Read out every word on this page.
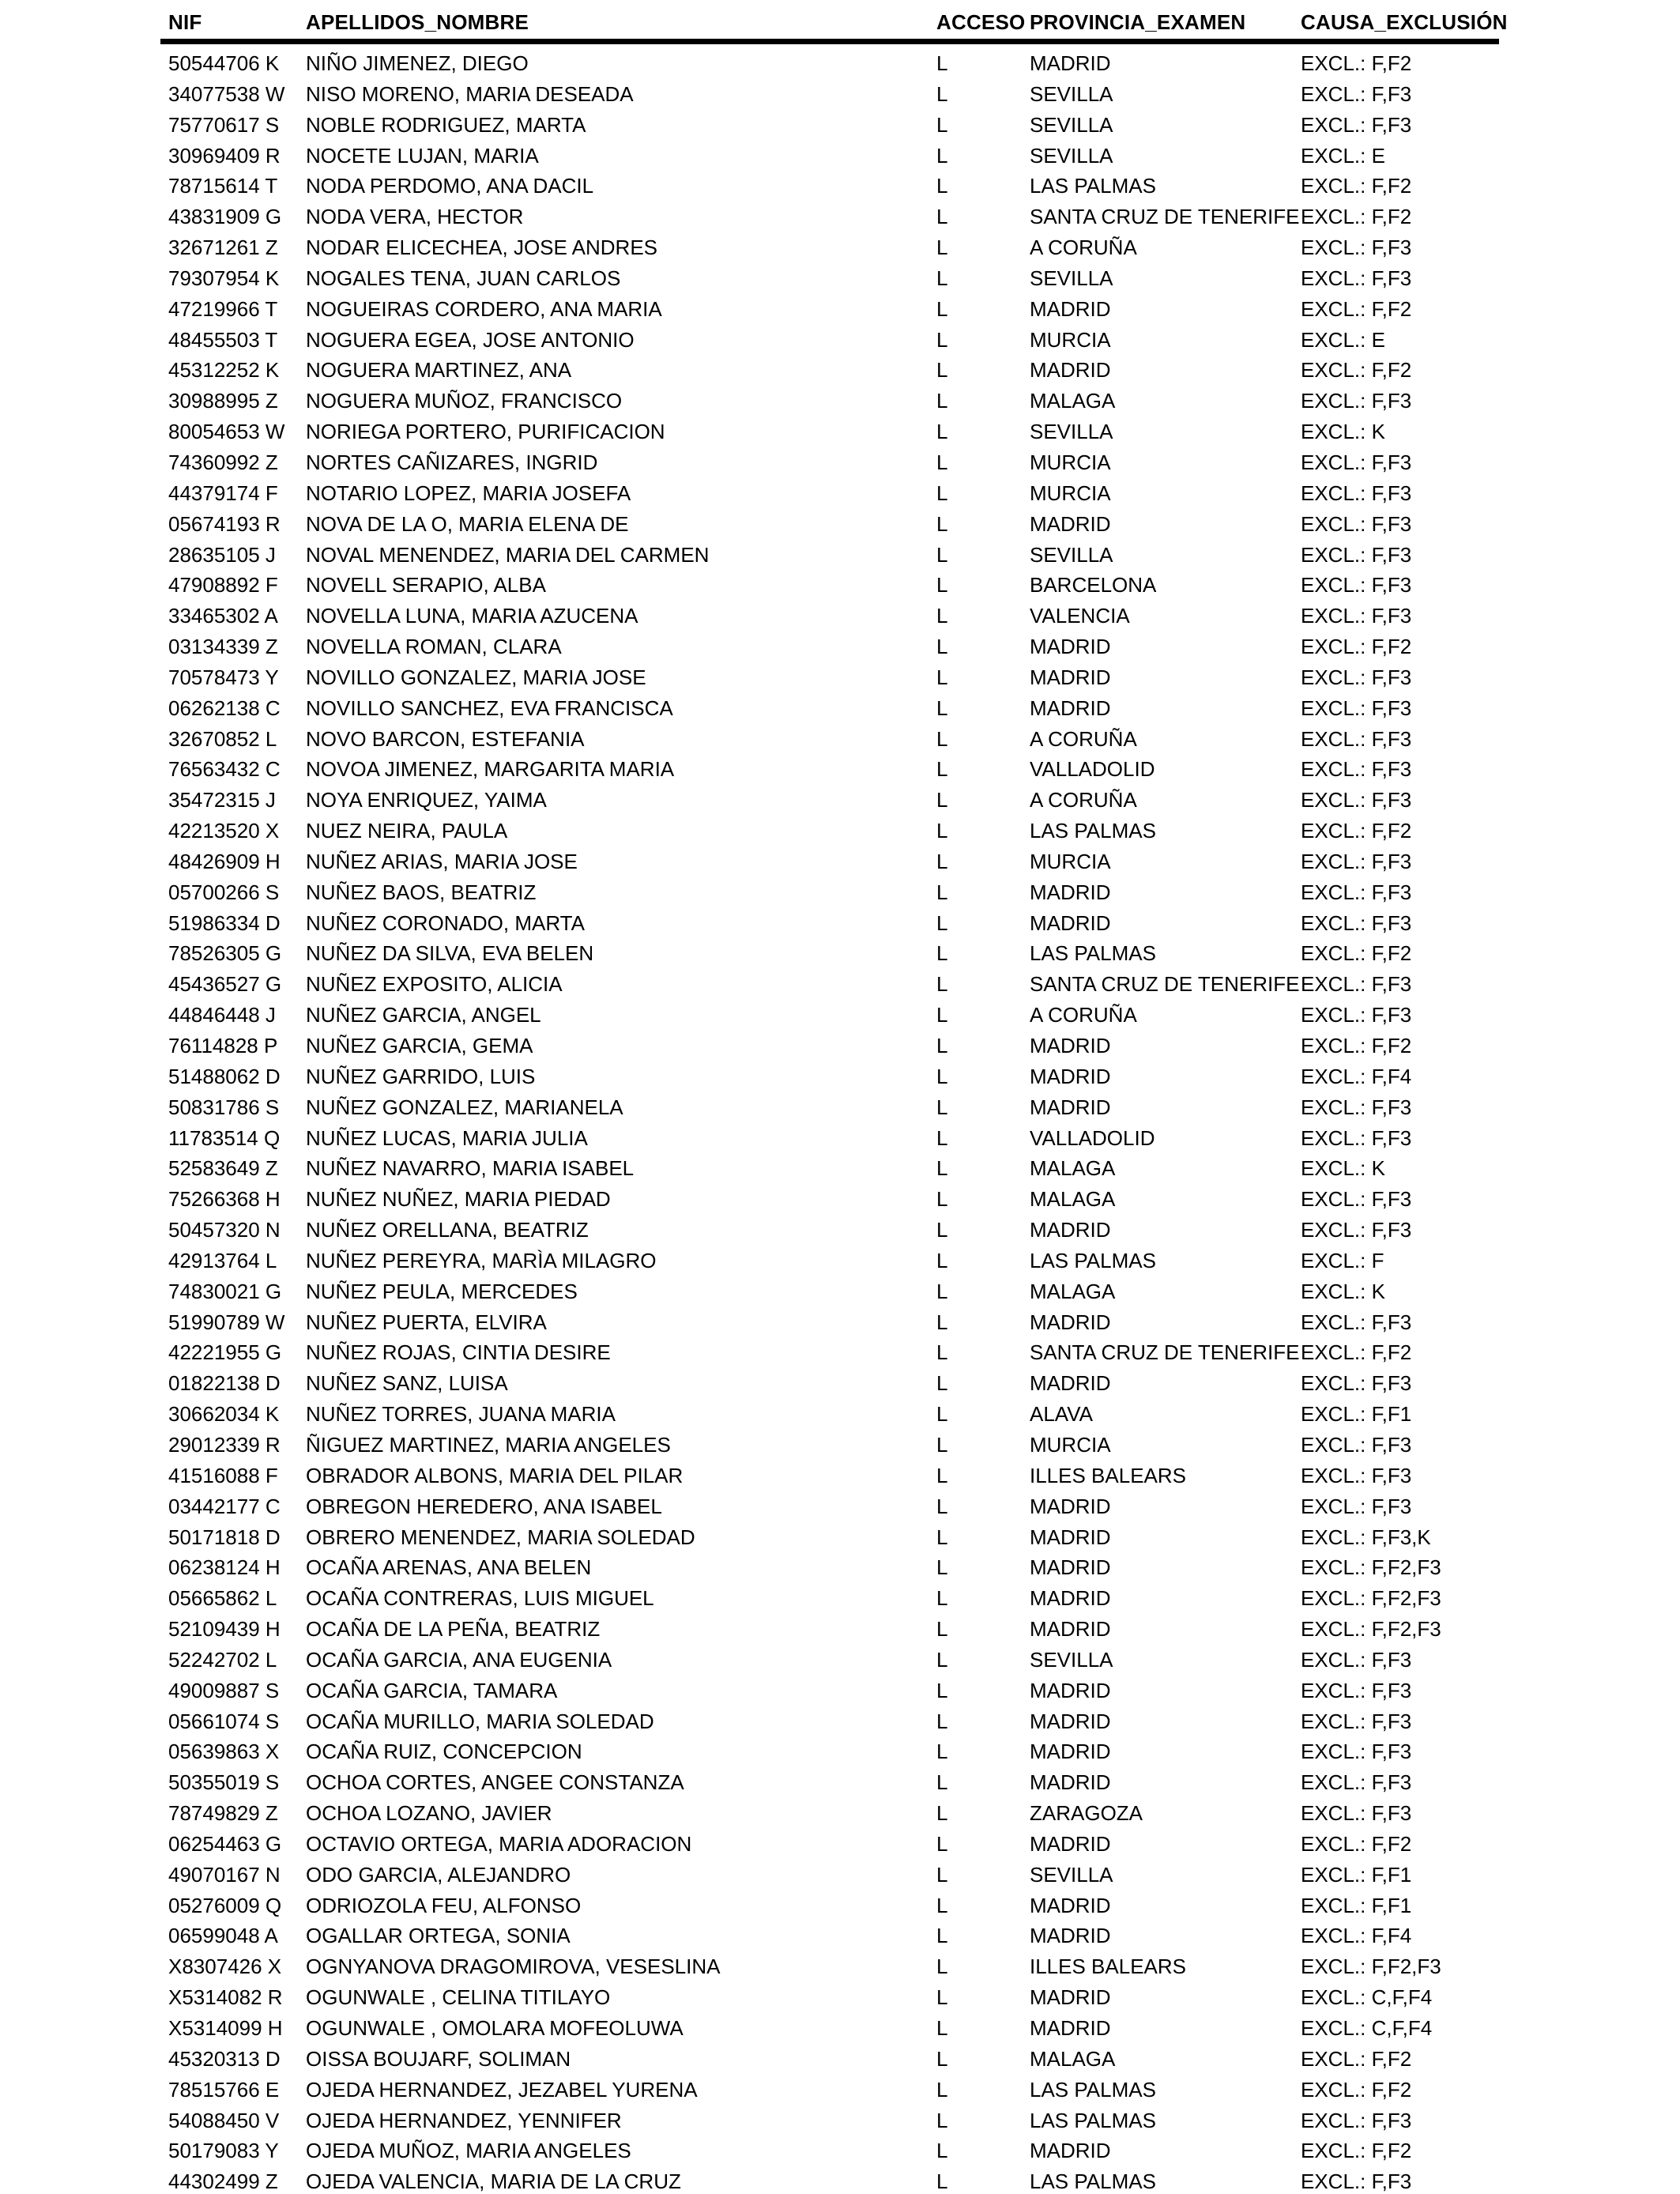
NIF	APELLIDOS_NOMBRE	ACCESO PROVINCIA_EXAMEN	CAUSA_EXCLUSIÓN
50544706 K	NIÑO JIMENEZ, DIEGO	L	MADRID	EXCL.: F,F2
34077538 W	NISO MORENO, MARIA DESEADA	L	SEVILLA	EXCL.: F,F3
75770617 S	NOBLE RODRIGUEZ, MARTA	L	SEVILLA	EXCL.: F,F3
30969409 R	NOCETE LUJAN, MARIA	L	SEVILLA	EXCL.: E
78715614 T	NODA PERDOMO, ANA DACIL	L	LAS PALMAS	EXCL.: F,F2
43831909 G	NODA VERA, HECTOR	L	SANTA CRUZ DE TENERIFE EXCL.: F,F2
32671261 Z	NODAR ELICECHEA, JOSE ANDRES	L	A CORUÑA	EXCL.: F,F3
79307954 K	NOGALES TENA, JUAN CARLOS	L	SEVILLA	EXCL.: F,F3
47219966 T	NOGUEIRAS CORDERO, ANA MARIA	L	MADRID	EXCL.: F,F2
48455503 T	NOGUERA EGEA, JOSE ANTONIO	L	MURCIA	EXCL.: E
45312252 K	NOGUERA MARTINEZ, ANA	L	MADRID	EXCL.: F,F2
30988995 Z	NOGUERA MUÑOZ, FRANCISCO	L	MALAGA	EXCL.: F,F3
80054653 W	NORIEGA PORTERO, PURIFICACION	L	SEVILLA	EXCL.: K
74360992 Z	NORTES CAÑIZARES, INGRID	L	MURCIA	EXCL.: F,F3
44379174 F	NOTARIO LOPEZ, MARIA JOSEFA	L	MURCIA	EXCL.: F,F3
05674193 R	NOVA DE LA O, MARIA ELENA DE	L	MADRID	EXCL.: F,F3
28635105 J	NOVAL MENENDEZ, MARIA DEL CARMEN	L	SEVILLA	EXCL.: F,F3
47908892 F	NOVELL SERAPIO, ALBA	L	BARCELONA	EXCL.: F,F3
33465302 A	NOVELLA LUNA, MARIA AZUCENA	L	VALENCIA	EXCL.: F,F3
03134339 Z	NOVELLA ROMAN, CLARA	L	MADRID	EXCL.: F,F2
70578473 Y	NOVILLO GONZALEZ, MARIA JOSE	L	MADRID	EXCL.: F,F3
06262138 C	NOVILLO SANCHEZ, EVA FRANCISCA	L	MADRID	EXCL.: F,F3
32670852 L	NOVO BARCON, ESTEFANIA	L	A CORUÑA	EXCL.: F,F3
76563432 C	NOVOA JIMENEZ, MARGARITA MARIA	L	VALLADOLID	EXCL.: F,F3
35472315 J	NOYA ENRIQUEZ, YAIMA	L	A CORUÑA	EXCL.: F,F3
42213520 X	NUEZ NEIRA, PAULA	L	LAS PALMAS	EXCL.: F,F2
48426909 H	NUÑEZ ARIAS, MARIA JOSE	L	MURCIA	EXCL.: F,F3
05700266 S	NUÑEZ BAOS, BEATRIZ	L	MADRID	EXCL.: F,F3
51986334 D	NUÑEZ CORONADO, MARTA	L	MADRID	EXCL.: F,F3
78526305 G	NUÑEZ DA SILVA, EVA BELEN	L	LAS PALMAS	EXCL.: F,F2
45436527 G	NUÑEZ EXPOSITO, ALICIA	L	SANTA CRUZ DE TENERIFE EXCL.: F,F3
44846448 J	NUÑEZ GARCIA, ANGEL	L	A CORUÑA	EXCL.: F,F3
76114828 P	NUÑEZ GARCIA, GEMA	L	MADRID	EXCL.: F,F2
51488062 D	NUÑEZ GARRIDO, LUIS	L	MADRID	EXCL.: F,F4
50831786 S	NUÑEZ GONZALEZ, MARIANELA	L	MADRID	EXCL.: F,F3
11783514 Q	NUÑEZ LUCAS, MARIA JULIA	L	VALLADOLID	EXCL.: F,F3
52583649 Z	NUÑEZ NAVARRO, MARIA ISABEL	L	MALAGA	EXCL.: K
75266368 H	NUÑEZ NUÑEZ, MARIA PIEDAD	L	MALAGA	EXCL.: F,F3
50457320 N	NUÑEZ ORELLANA, BEATRIZ	L	MADRID	EXCL.: F,F3
42913764 L	NUÑEZ PEREYRA, MARÌA MILAGRO	L	LAS PALMAS	EXCL.: F
74830021 G	NUÑEZ PEULA, MERCEDES	L	MALAGA	EXCL.: K
51990789 W	NUÑEZ PUERTA, ELVIRA	L	MADRID	EXCL.: F,F3
42221955 G	NUÑEZ ROJAS, CINTIA DESIRE	L	SANTA CRUZ DE TENERIFE EXCL.: F,F2
01822138 D	NUÑEZ SANZ, LUISA	L	MADRID	EXCL.: F,F3
30662034 K	NUÑEZ TORRES, JUANA MARIA	L	ALAVA	EXCL.: F,F1
29012339 R	ÑIGUEZ MARTINEZ, MARIA ANGELES	L	MURCIA	EXCL.: F,F3
41516088 F	OBRADOR ALBONS, MARIA DEL PILAR	L	ILLES BALEARS	EXCL.: F,F3
03442177 C	OBREGON HEREDERO, ANA ISABEL	L	MADRID	EXCL.: F,F3
50171818 D	OBRERO MENENDEZ, MARIA SOLEDAD	L	MADRID	EXCL.: F,F3,K
06238124 H	OCAÑA ARENAS, ANA BELEN	L	MADRID	EXCL.: F,F2,F3
05665862 L	OCAÑA CONTRERAS, LUIS MIGUEL	L	MADRID	EXCL.: F,F2,F3
52109439 H	OCAÑA DE LA PEÑA, BEATRIZ	L	MADRID	EXCL.: F,F2,F3
52242702 L	OCAÑA GARCIA, ANA EUGENIA	L	SEVILLA	EXCL.: F,F3
49009887 S	OCAÑA GARCIA, TAMARA	L	MADRID	EXCL.: F,F3
05661074 S	OCAÑA MURILLO, MARIA SOLEDAD	L	MADRID	EXCL.: F,F3
05639863 X	OCAÑA RUIZ, CONCEPCION	L	MADRID	EXCL.: F,F3
50355019 S	OCHOA CORTES, ANGEE CONSTANZA	L	MADRID	EXCL.: F,F3
78749829 Z	OCHOA LOZANO, JAVIER	L	ZARAGOZA	EXCL.: F,F3
06254463 G	OCTAVIO ORTEGA, MARIA ADORACION	L	MADRID	EXCL.: F,F2
49070167 N	ODO GARCIA, ALEJANDRO	L	SEVILLA	EXCL.: F,F1
05276009 Q	ODRIOZOLA FEU, ALFONSO	L	MADRID	EXCL.: F,F1
06599048 A	OGALLAR ORTEGA, SONIA	L	MADRID	EXCL.: F,F4
X8307426 X	OGNYANOVA DRAGOMIROVA, VESESLINA	L	ILLES BALEARS	EXCL.: F,F2,F3
X5314082 R	OGUNWALE , CELINA TITILAYO	L	MADRID	EXCL.: C,F,F4
X5314099 H	OGUNWALE , OMOLARA MOFEOLUWA	L	MADRID	EXCL.: C,F,F4
45320313 D	OISSA BOUJARF, SOLIMAN	L	MALAGA	EXCL.: F,F2
78515766 E	OJEDA HERNANDEZ, JEZABEL YURENA	L	LAS PALMAS	EXCL.: F,F2
54088450 V	OJEDA HERNANDEZ, YENNIFER	L	LAS PALMAS	EXCL.: F,F3
50179083 Y	OJEDA MUÑOZ, MARIA ANGELES	L	MADRID	EXCL.: F,F2
44302499 Z	OJEDA VALENCIA, MARIA DE LA CRUZ	L	LAS PALMAS	EXCL.: F,F3
